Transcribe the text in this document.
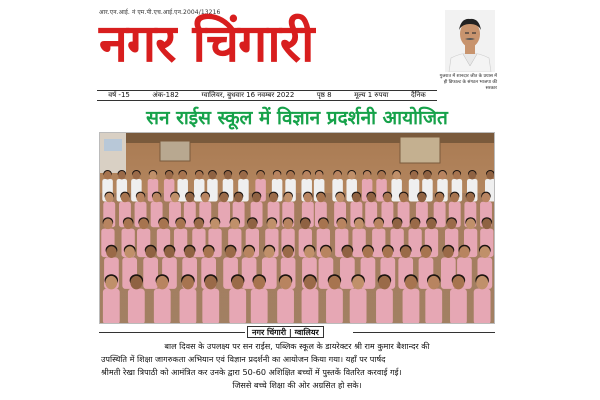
आर.एन.आई. नं एम.पी.एच.आई.एन.2004/13216
नगर चिंगारी
गुजरात में शानदार जीत के प्रयास में ही डिफाल्ट के संगठन भाजपा की सरकार
वर्ष -15	अंक-182	ग्वालियर, बुधवार 16 नवम्बर 2022	पृष्ठ 8	मूल्य 1 रुपया	दैनिक
सन राईस स्कूल में विज्ञान प्रदर्शनी आयोजित
नगर चिंगारी | ग्वालियर

बाल दिवस के उपलक्ष्य पर सन राईस, पब्लिक स्कूल के डायरेक्टर श्री राम कुमार बैशान्दर की

उपस्थिति में शिक्षा जागरुकता अभियान एवं विज्ञान प्रदर्शनी का आयोजन किया गया। यहाँ पर पार्षद

श्रीमती रेखा त्रिपाठी को आमंत्रित कर उनके द्वारा 50-60 अशिक्षित बच्चों में पुस्तकें वितरित करवाई गई।

जिससे बच्चे शिक्षा की ओर अग्रसित हो सके।
